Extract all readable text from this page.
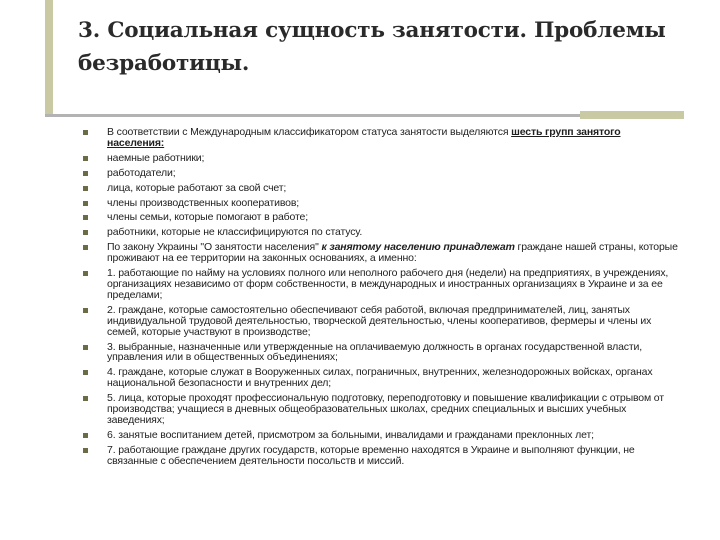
3. Социальная сущность занятости. Проблемы безработицы.
В соответствии с Международным классификатором статуса занятости выделяются шесть групп занятого населения:
наемные работники;
работодатели;
лица, которые работают за свой счет;
члены производственных кооперативов;
члены семьи, которые помогают в работе;
работники, которые не классифицируются по статусу.
По закону Украины "О занятости населения" к занятому населению принадлежат граждане нашей страны, которые проживают на ее территории на законных основаниях, а именно:
1. работающие по найму на условиях полного или неполного рабочего дня (недели) на предприятиях, в учреждениях, организациях независимо от форм собственности, в международных и иностранных организациях в Украине и за ее пределами;
2. граждане, которые самостоятельно обеспечивают себя работой, включая предпринимателей, лиц, занятых индивидуальной трудовой деятельностью, творческой деятельностью, члены кооперативов, фермеры и члены их семей, которые участвуют в производстве;
3. выбранные, назначенные или утвержденные на оплачиваемую должность в органах государственной власти, управления или в общественных объединениях;
4. граждане, которые служат в Вооруженных силах, пограничных, внутренних, железнодорожных войсках, органах национальной безопасности и внутренних дел;
5. лица, которые проходят профессиональную подготовку, переподготовку и повышение квалификации с отрывом от производства; учащиеся в дневных общеобразовательных школах, средних специальных и высших учебных заведениях;
6. занятые воспитанием детей, присмотром за больными, инвалидами и гражданами преклонных лет;
7. работающие граждане других государств, которые временно находятся в Украине и выполняют функции, не связанные с обеспечением деятельности посольств и миссий.
